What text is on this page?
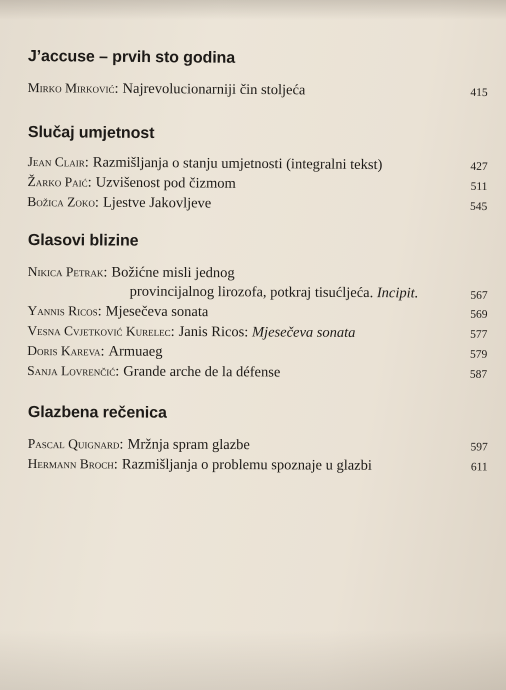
J’accuse – prvih sto godina
Mirko Mirković: Najrevolucionarniji čin stoljeća	415
Slučaj umjetnost
Jean Clair: Razmišljanja o stanju umjetnosti (integralni tekst)	427
Žarko Paić: Uzvišenost pod čizmom	511
Božica Zoko: Ljestve Jakovljeve	545
Glasovi blizine
Nikica Petrak: Božićne misli jednog
provincijalnog lirozofa, potkraj tisućljeća. Incipit.	567
Yannis Ricos: Mjesečeva sonata	569
Vesna Cvjetković Kurelec: Janis Ricos: Mjesečeva sonata	577
Doris Kareva: Armuaeg	579
Sanja Lovrenčić: Grande arche de la défense	587
Glazbena rečenica
Pascal Quignard: Mržnja spram glazbe	597
Hermann Broch: Razmišljanja o problemu spoznaje u glazbi	611
